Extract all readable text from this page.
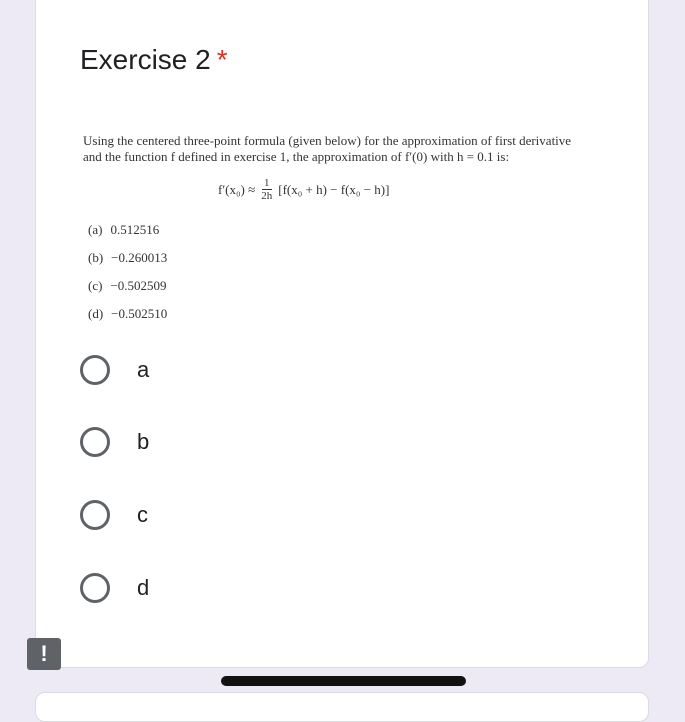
Exercise 2 *
Using the centered three-point formula (given below) for the approximation of first derivative and the function f defined in exercise 1, the approximation of f′(0) with h = 0.1 is:
$f'(x_0) \approx \frac{1}{2h} [f(x_0 + h) - f(x_0 - h)]$
(a) 0.512516
(b) −0.260013
(c) −0.502509
(d) −0.502510
a
b
c
d
!
